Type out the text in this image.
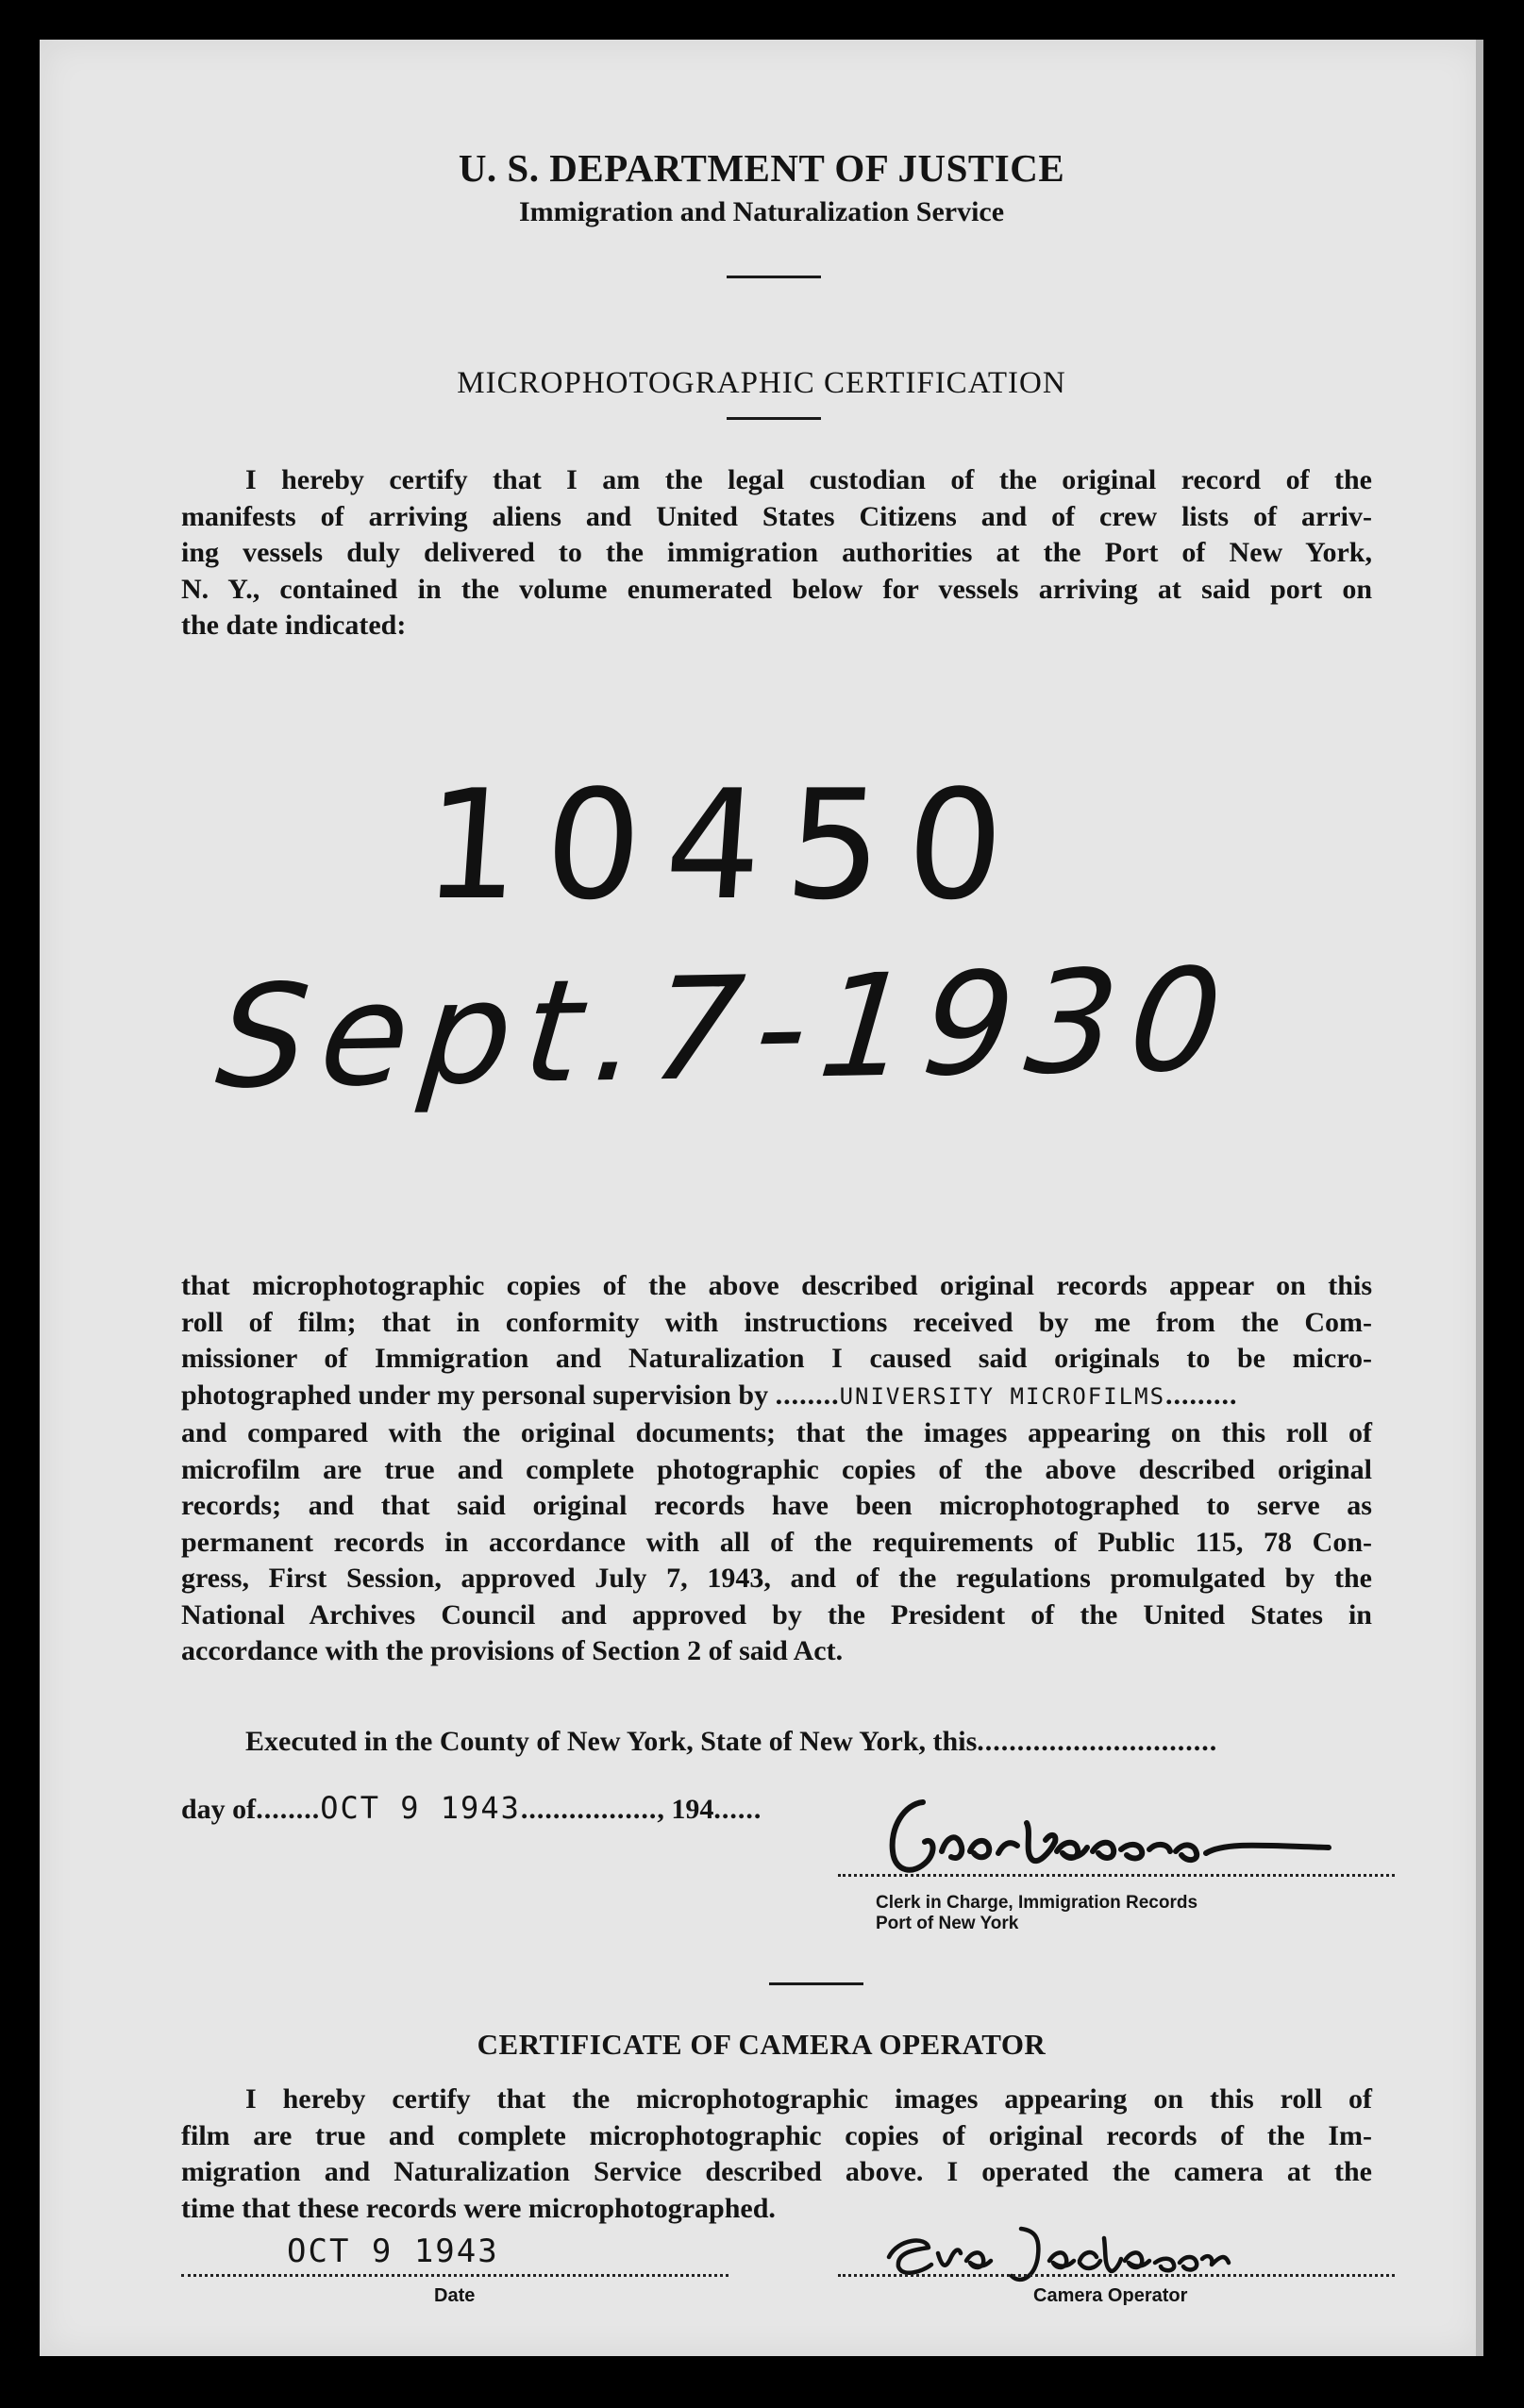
U. S. DEPARTMENT OF JUSTICE
Immigration and Naturalization Service
MICROPHOTOGRAPHIC CERTIFICATION

I hereby certify that I am the legal custodian of the original record of the
manifests of arriving aliens and United States Citizens and of crew lists of arriv-
ing vessels duly delivered to the immigration authorities at the Port of New York,
N. Y., contained in the volume enumerated below for vessels arriving at said port on
the date indicated:

10450
Sept.7-1930

that microphotographic copies of the above described original records appear on this
roll of film; that in conformity with instructions received by me from the Com-
missioner of Immigration and Naturalization I caused said originals to be micro-

photographed under my personal supervision by ........UNIVERSITY MICROFILMS.........

and compared with the original documents; that the images appearing on this roll of
microfilm are true and complete photographic copies of the above described original
records; and that said original records have been microphotographed to serve as
permanent records in accordance with all of the requirements of Public 115, 78 Con-
gress, First Session, approved July 7, 1943, and of the regulations promulgated by the
National Archives Council and approved by the President of the United States in
accordance with the provisions of Section 2 of said Act.

Executed in the County of New York, State of New York, this..............................
day of........OCT 9 1943................., 194......
Clerk in Charge, Immigration Records
Port of New York
CERTIFICATE OF CAMERA OPERATOR

I hereby certify that the microphotographic images appearing on this roll of
film are true and complete microphotographic copies of original records of the Im-
migration and Naturalization Service described above. I operated the camera at the
time that these records were microphotographed.

OCT 9 1943
Date	Camera Operator
